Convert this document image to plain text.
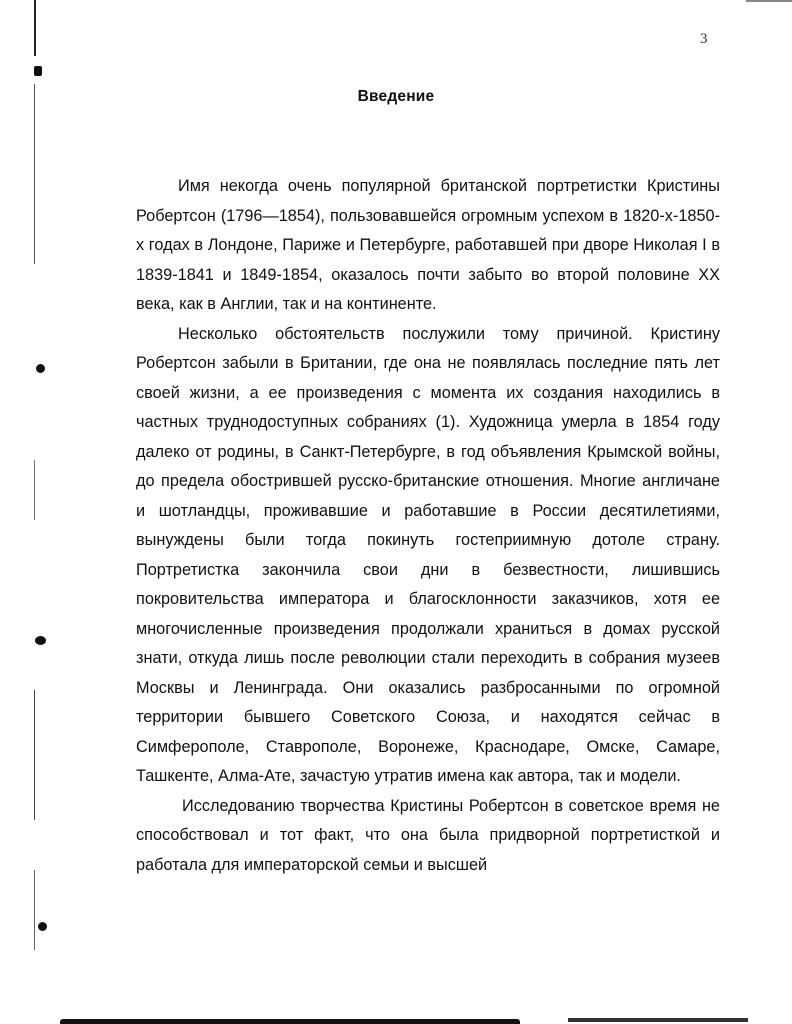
3
Введение

Имя некогда очень популярной британской портретистки Кристины Робертсон (1796—1854), пользовавшейся огромным успехом в 1820-х-1850-х годах в Лондоне, Париже и Петербурге, работавшей при дворе Николая I в 1839-1841 и 1849-1854, оказалось почти забыто во второй половине XX века, как в Англии, так и на континенте.

Несколько обстоятельств послужили тому причиной. Кристину Робертсон забыли в Британии, где она не появлялась последние пять лет своей жизни, а ее произведения с момента их создания находились в частных труднодоступных собраниях (1). Художница умерла в 1854 году далеко от родины, в Санкт-Петербурге, в год объявления Крымской войны, до предела обострившей русско-британские отношения. Многие англичане и шотландцы, проживавшие и работавшие в России десятилетиями, вынуждены были тогда покинуть гостеприимную дотоле страну. Портретистка закончила свои дни в безвестности, лишившись покровительства императора и благосклонности заказчиков, хотя ее многочисленные произведения продолжали храниться в домах русской знати, откуда лишь после революции стали переходить в собрания музеев Москвы и Ленинграда. Они оказались разбросанными по огромной территории бывшего Советского Союза, и находятся сейчас в Симферополе, Ставрополе, Воронеже, Краснодаре, Омске, Самаре, Ташкенте, Алма-Ате, зачастую утратив имена как автора, так и модели.

Исследованию творчества Кристины Робертсон в советское время не способствовал и тот факт, что она была придворной портретисткой и работала для императорской семьи и высшей
